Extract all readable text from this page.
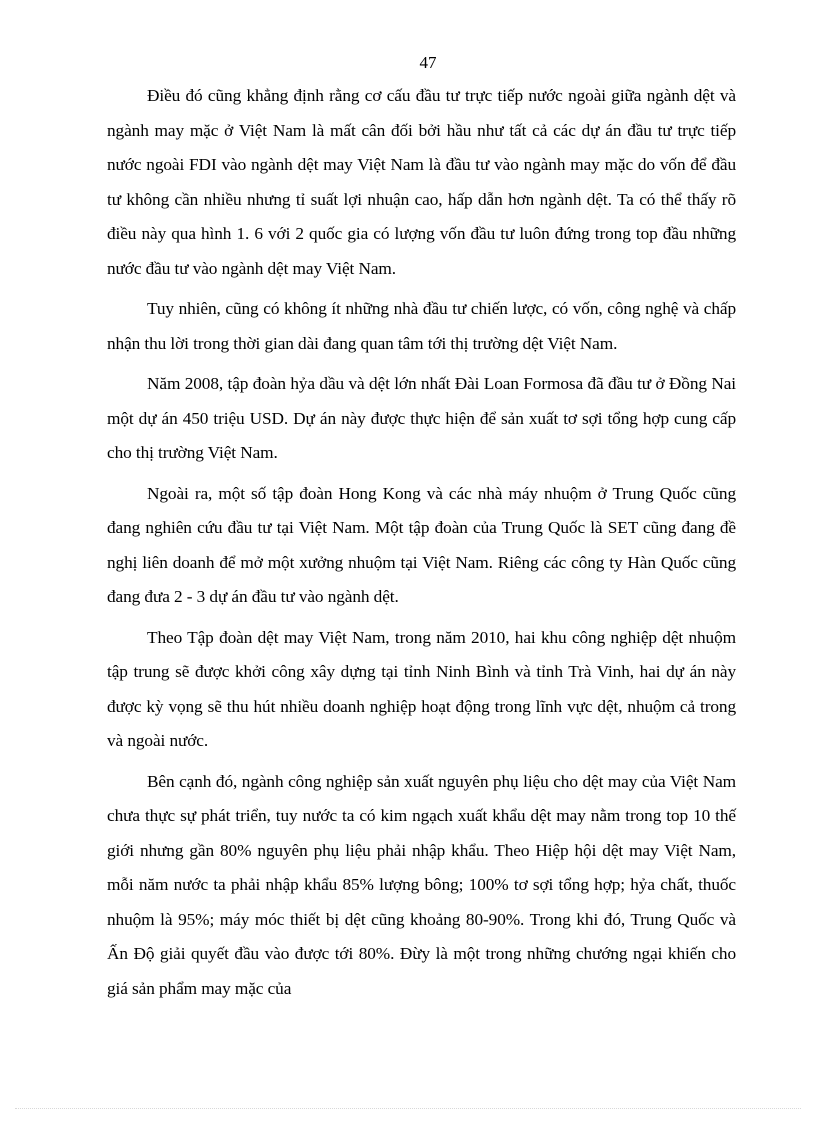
47

Điều đó cũng khẳng định rằng cơ cấu đầu tư trực tiếp nước ngoài giữa ngành dệt và ngành may mặc ở Việt Nam là mất cân đối bởi hầu như tất cả các dự án đầu tư trực tiếp nước ngoài FDI vào ngành dệt may Việt Nam là đầu tư vào ngành may mặc do vốn để đầu tư không cần nhiều nhưng tỉ suất lợi nhuận cao, hấp dẫn hơn ngành dệt. Ta có thể thấy rõ điều này qua hình 1. 6 với 2 quốc gia có lượng vốn đầu tư luôn đứng trong top đầu những nước đầu tư vào ngành dệt may Việt Nam.

Tuy nhiên, cũng có không ít những nhà đầu tư chiến lược, có vốn, công nghệ và chấp nhận thu lời trong thời gian dài đang quan tâm tới thị trường dệt Việt Nam.

Năm 2008, tập đoàn hỷa dầu và dệt lớn nhất Đài Loan Formosa đã đầu tư ở Đồng Nai một dự án 450 triệu USD. Dự án này được thực hiện để sản xuất tơ sợi tổng hợp cung cấp cho thị trường Việt Nam.

Ngoài ra, một số tập đoàn Hong Kong và các nhà máy nhuộm ở Trung Quốc cũng đang nghiên cứu đầu tư tại Việt Nam. Một tập đoàn của Trung Quốc là SET cũng đang đề nghị liên doanh để mở một xưởng nhuộm tại Việt Nam. Riêng các công ty Hàn Quốc cũng đang đưa 2 - 3 dự án đầu tư vào ngành dệt.

Theo Tập đoàn dệt may Việt Nam, trong năm 2010, hai khu công nghiệp dệt nhuộm tập trung sẽ được khởi công xây dựng tại tỉnh Ninh Bình và tỉnh Trà Vinh, hai dự án này được kỳ vọng sẽ thu hút nhiều doanh nghiệp hoạt động trong lĩnh vực dệt, nhuộm cả trong và ngoài nước.

Bên cạnh đó, ngành công nghiệp sản xuất nguyên phụ liệu cho dệt may của Việt Nam chưa thực sự phát triển, tuy nước ta có kim ngạch xuất khẩu dệt may nằm trong top 10 thế giới nhưng gần 80% nguyên phụ liệu phải nhập khẩu. Theo Hiệp hội dệt may Việt Nam, mỗi năm nước ta phải nhập khẩu 85% lượng bông; 100% tơ sợi tổng hợp; hỷa chất, thuốc nhuộm là 95%; máy móc thiết bị dệt cũng khoảng 80-90%. Trong khi đó, Trung Quốc và Ấn Độ giải quyết đầu vào được tới 80%. Đừy là một trong những chướng ngại khiến cho giá sản phẩm may mặc của
